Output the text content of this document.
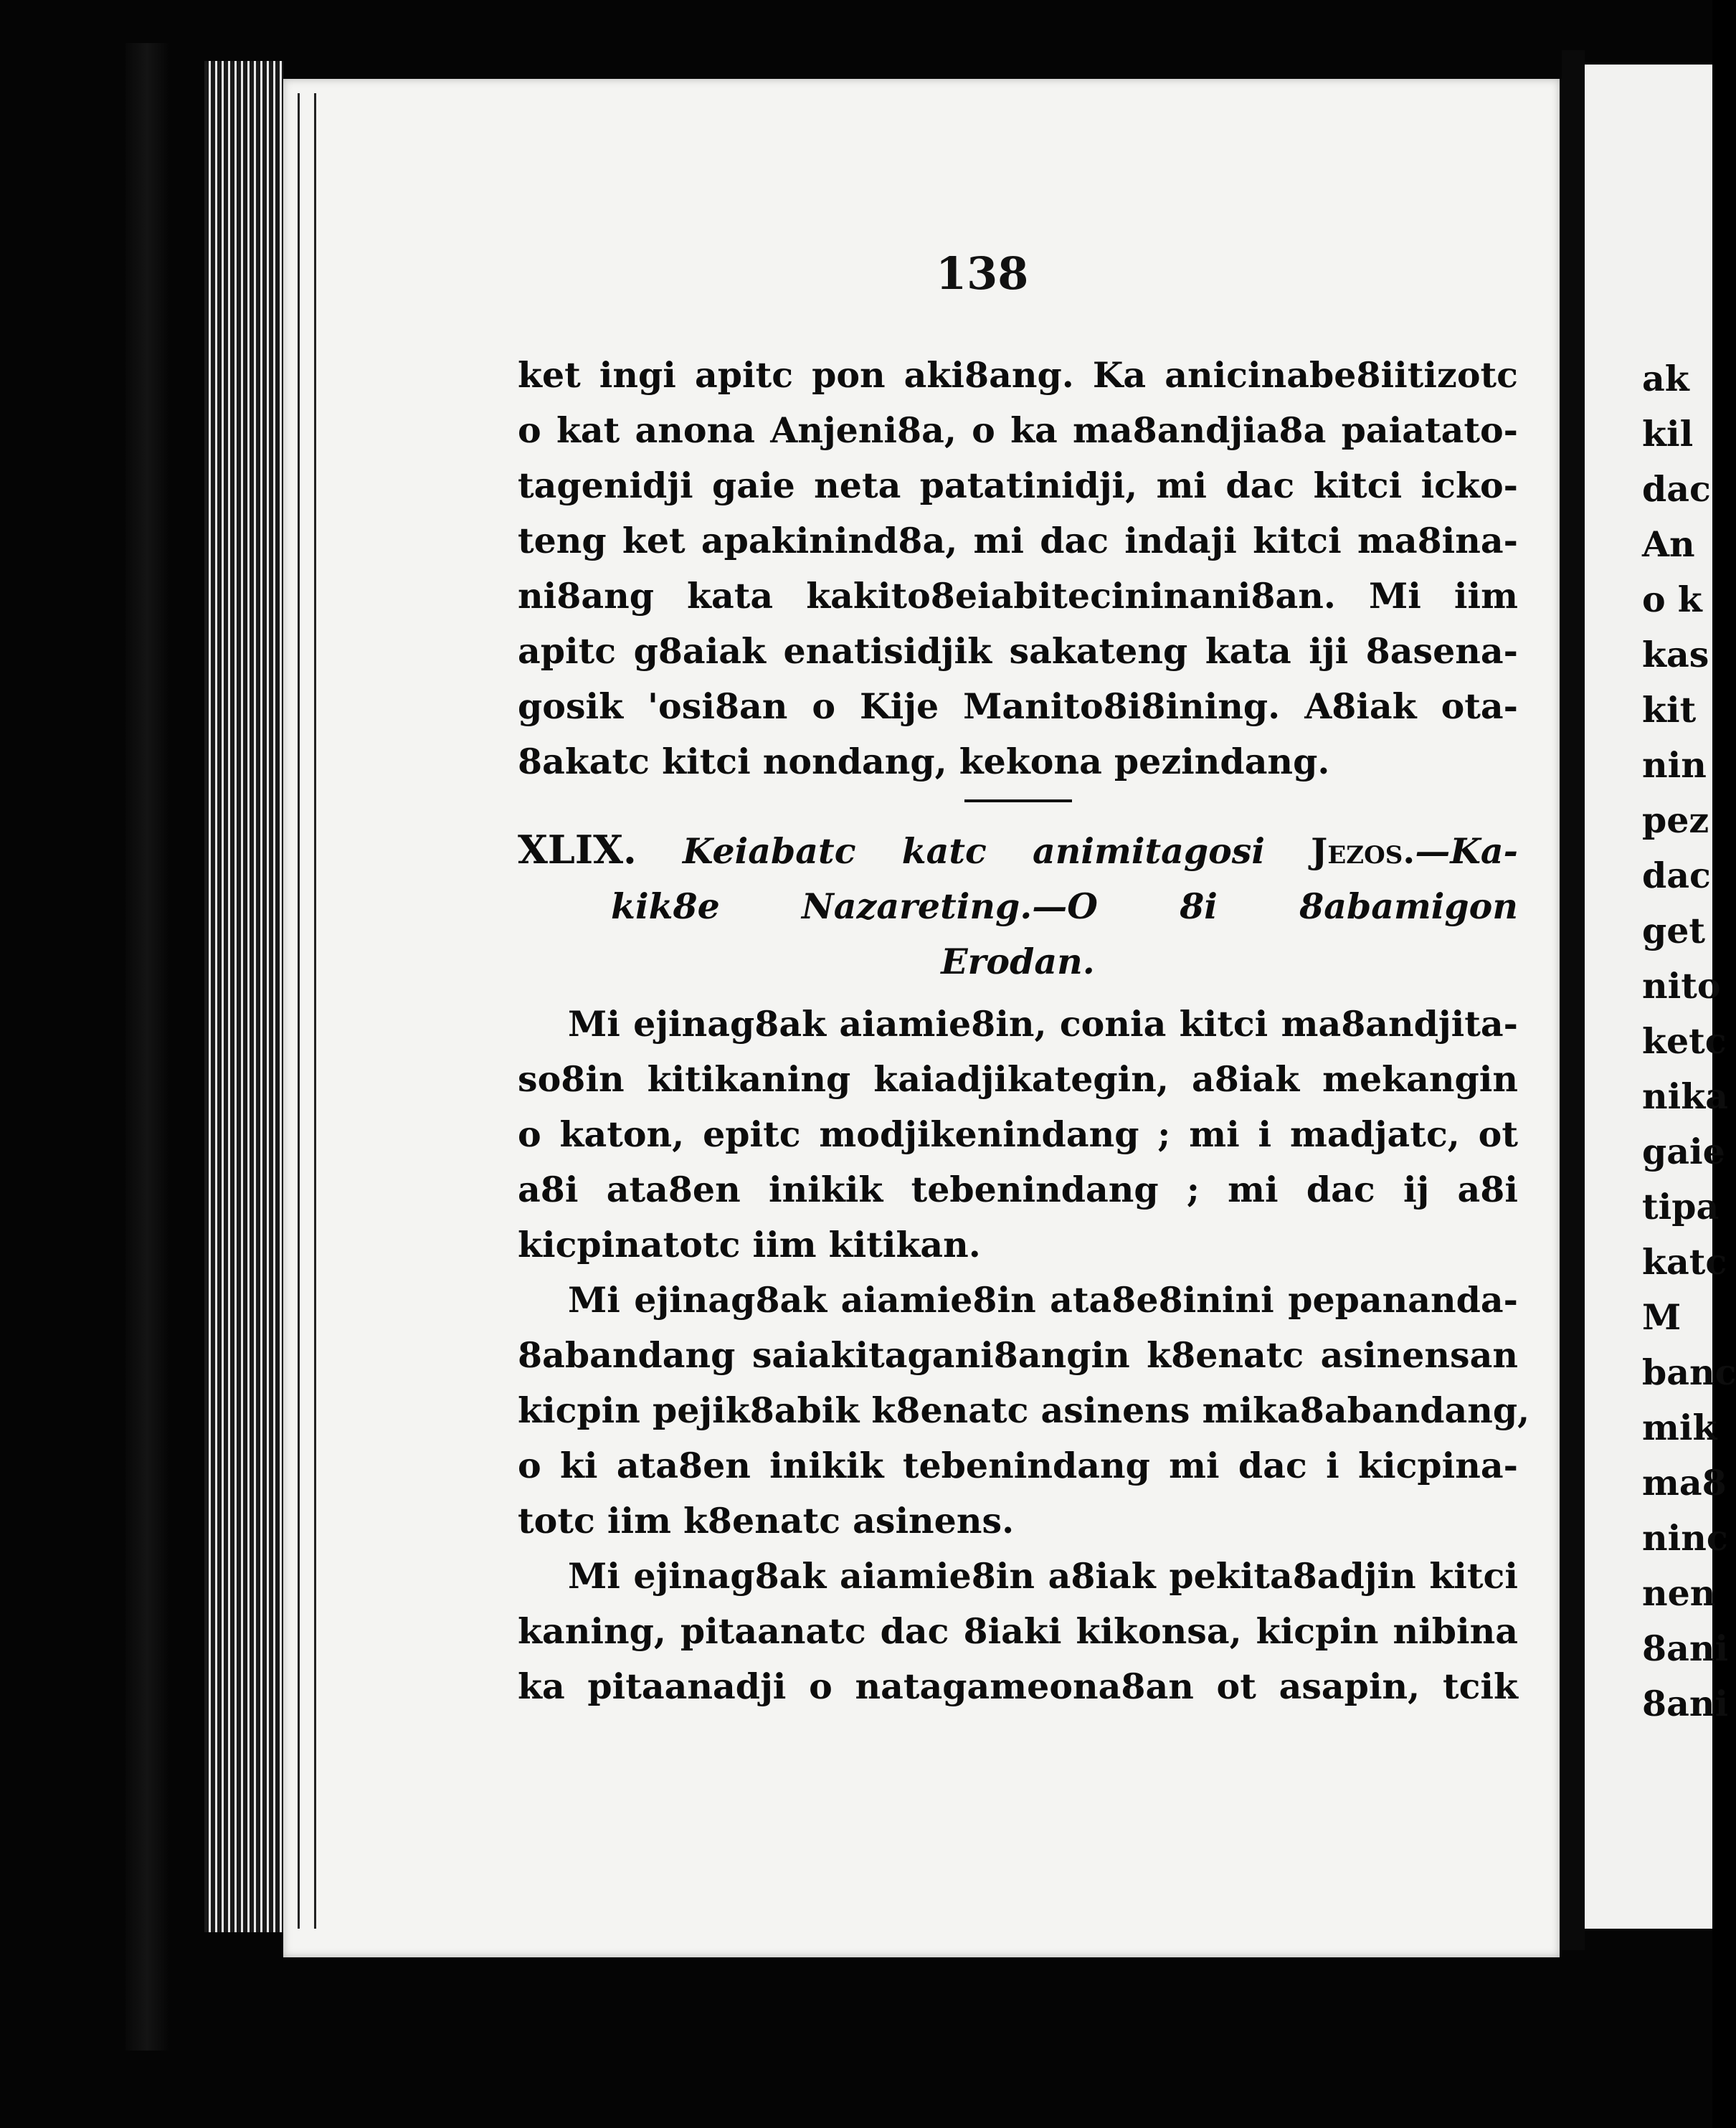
138
ket ingi apitc pon aki8ang. Ka anicinabe8iitizotc
o kat anona Anjeni8a, o ka ma8andjia8a paiatato-
tagenidji gaie neta patatinidji, mi dac kitci icko-
teng ket apakinind8a, mi dac indaji kitci ma8ina-
ni8ang kata kakito8eiabitecininani8an. Mi iim
apitc g8aiak enatisidjik sakateng kata iji 8asena-
gosik 'osi8an o Kije Manito8i8ining. A8iak ota-
8akatc kitci nondang, kekona pezindang.
XLIX. Keiabatc katc animitagosi Jezos.—Ka-
kik8e Nazareting.—O 8i 8abamigon
Erodan.
Mi ejinag8ak aiamie8in, conia kitci ma8andjita-
so8in kitikaning kaiadjikategin, a8iak mekangin
o katon, epitc modjikenindang ; mi i madjatc, ot
a8i ata8en inikik tebenindang ; mi dac ij a8i
kicpinatotc iim kitikan.
Mi ejinag8ak aiamie8in ata8e8inini pepananda-
8abandang saiakitagani8angin k8enatc asinensan
kicpin pejik8abik k8enatc asinens mika8abandang,
o ki ata8en inikik tebenindang mi dac i kicpina-
totc iim k8enatc asinens.
Mi ejinag8ak aiamie8in a8iak pekita8adjin kitci
kaning, pitaanatc dac 8iaki kikonsa, kicpin nibina
ka pitaanadji o natagameona8an ot asapin, tcik
ak
kil
dac
An
o k
kas
kit
nin
pez
dac
get
nito
ketc
nika
gaie
tipa
katc
M
banc
mik
ma8
ninc
nen
8ani
8ani
